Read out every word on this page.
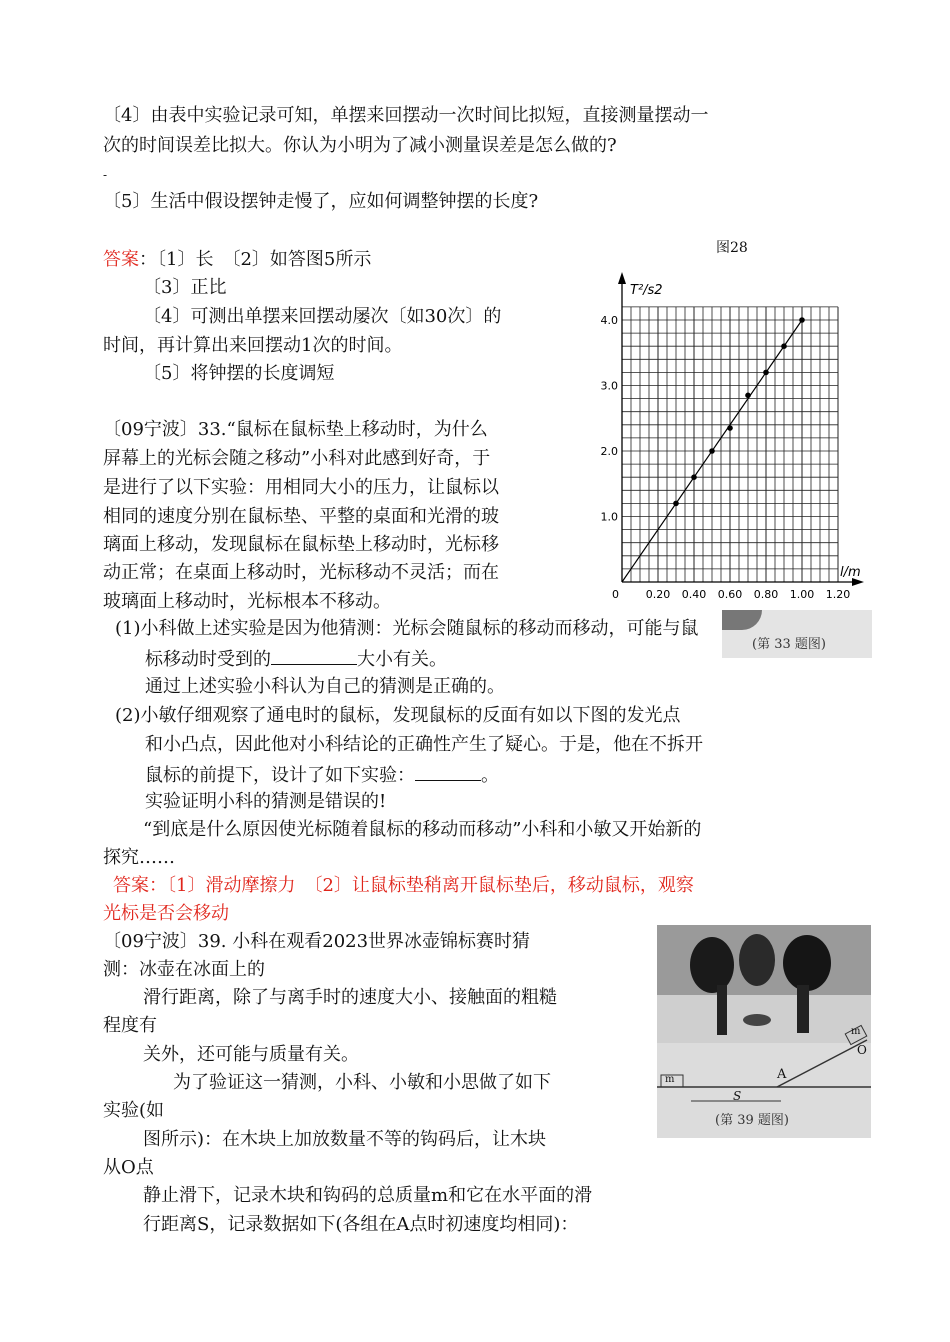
〔4〕由表中实验记录可知，单摆来回摆动一次时间比拟短，直接测量摆动一
次的时间误差比拟大。你认为小明为了减小测量误差是怎么做的?
-
〔5〕生活中假设摆钟走慢了，应如何调整钟摆的长度?
答案：〔1〕长　〔2〕如答图5所示
〔3〕正比
〔4〕可测出单摆来回摆动屡次〔如30次〕的
时间，再计算出来回摆动1次的时间。
〔5〕将钟摆的长度调短
图28
0.20 0.40 0.60 0.80 1.00 1.20
1.0
2.0
3.0
4.0
0
T²/s2
l/m
〔09宁波〕33.“鼠标在鼠标垫上移动时，为什么
屏幕上的光标会随之移动”小科对此感到好奇，于
是进行了以下实验：用相同大小的压力，让鼠标以
相同的速度分别在鼠标垫、平整的桌面和光滑的玻
璃面上移动，发现鼠标在鼠标垫上移动时，光标移
动正常；在桌面上移动时，光标移动不灵活；而在
玻璃面上移动时，光标根本不移动。
(1)小科做上述实验是因为他猜测：光标会随鼠标的移动而移动，可能与鼠
标移动时受到的	大小有关。
通过上述实验小科认为自己的猜测是正确的。
(2)小敏仔细观察了通电时的鼠标，发现鼠标的反面有如以下图的发光点
和小凸点，因此他对小科结论的正确性产生了疑心。于是，他在不拆开
鼠标的前提下，设计了如下实验：	。
实验证明小科的猜测是错误的!
“到底是什么原因使光标随着鼠标的移动而移动”小科和小敏又开始新的
探究……
答案：〔1〕滑动摩擦力　〔2〕让鼠标垫稍离开鼠标垫后，移动鼠标，观察
光标是否会移动
(第 33 题图)
〔09宁波〕39. 小科在观看2023世界冰壶锦标赛时猜
测：冰壶在冰面上的
滑行距离，除了与离手时的速度大小、接触面的粗糙
程度有
关外，还可能与质量有关。
为了验证这一猜测，小科、小敏和小思做了如下
实验(如
图所示)：在木块上加放数量不等的钩码后，让木块
从O点
静止滑下，记录木块和钩码的总质量m和它在水平面的滑
行距离S，记录数据如下(各组在A点时初速度均相同)：
m
m
A
O
S
(第 39 题图)
